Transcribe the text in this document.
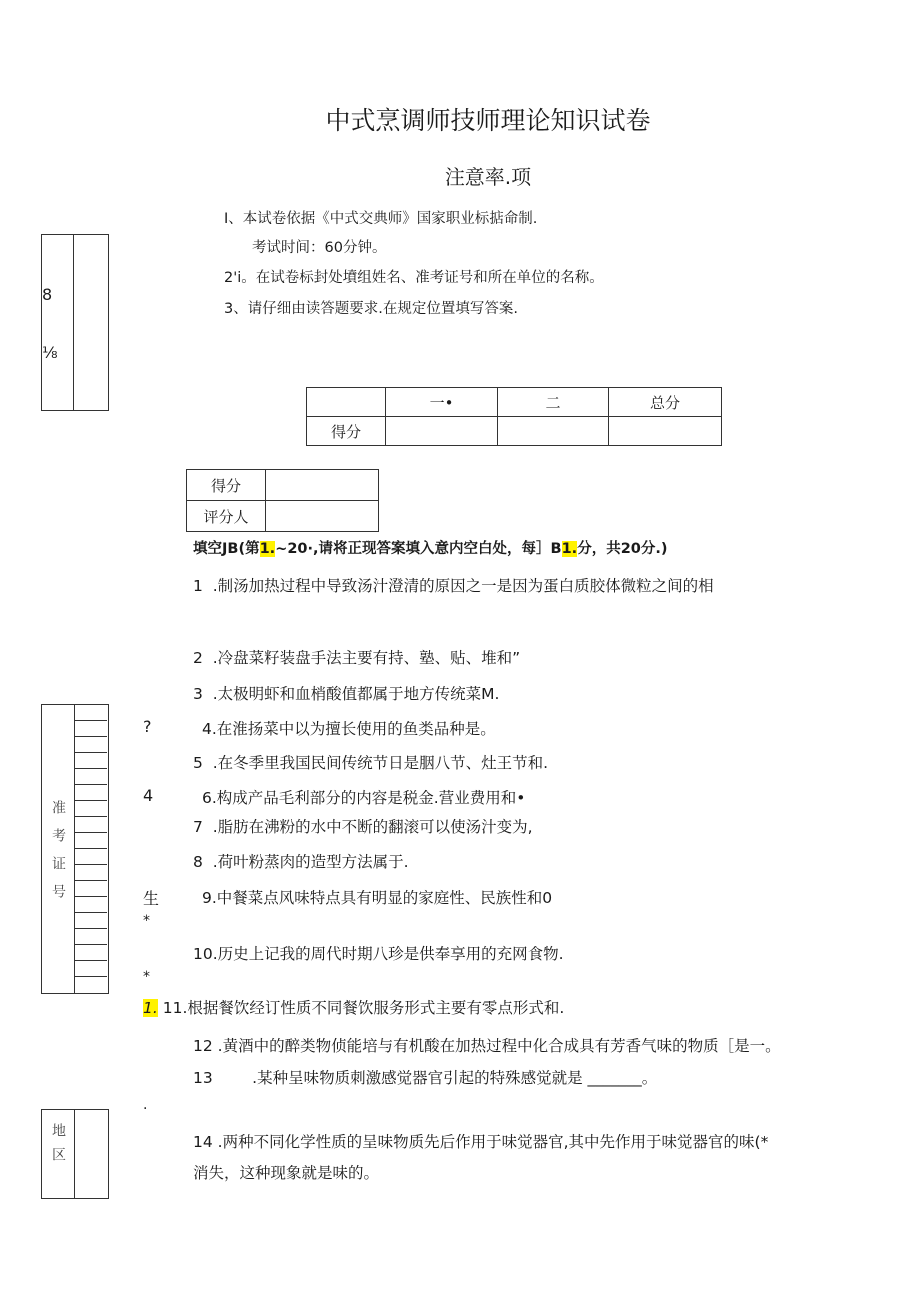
中式烹调师技师理论知识试卷
注意率.项
I、本试卷依据《中式交典师》国家职业标掂命制.
考试时间：60分钟。
2'i。在试卷标封处墳组姓名、准考证号和所在单位的名称。
3、请仔细由读答题要求.在规定位置填写答案.
8
⅛
	一•	二	总分
得分			
得分	
评分人	
填空JB(第1.~20·,请将正现答案填入意内空白处，每］B1.分，共20分.)
1 .制汤加热过程中导致汤汁澄清的原因之一是因为蛋白质胶体微粒之间的相
2 .冷盘菜籽装盘手法主要有持、塾、贴、堆和”
3 .太极明虾和血梢酸值都属于地方传统菜M.
4.在淮扬菜中以为擅长使用的鱼类品种是。
5 .在冬季里我国民间传统节日是胭八节、灶王节和.
6.构成产品毛利部分的内容是税金.营业费用和•
7 .脂肪在沸粉的水中不断的翻滚可以使汤汁变为,
8 .荷叶粉蒸肉的造型方法属于.
9.中餐菜点风味特点具有明显的家庭性、民族性和0
10.历史上记我的周代时期八珍是供奉享用的充网食物.
1. 11.根据餐饮经订性质不同餐饮服务形式主要有零点形式和.
12 .黄酒中的醉类物侦能培与有机酸在加热过程中化合成具有芳香气味的物质［是一。
13	.某种呈味物质刺激感觉器官引起的特殊感觉就是 _______。
14 .两种不同化学性质的呈味物质先后作用于味觉器官,其中先作用于味觉器官的味(*
消失，这种现象就是味的。
?
4
生
*
*
.
准考证号
地区
